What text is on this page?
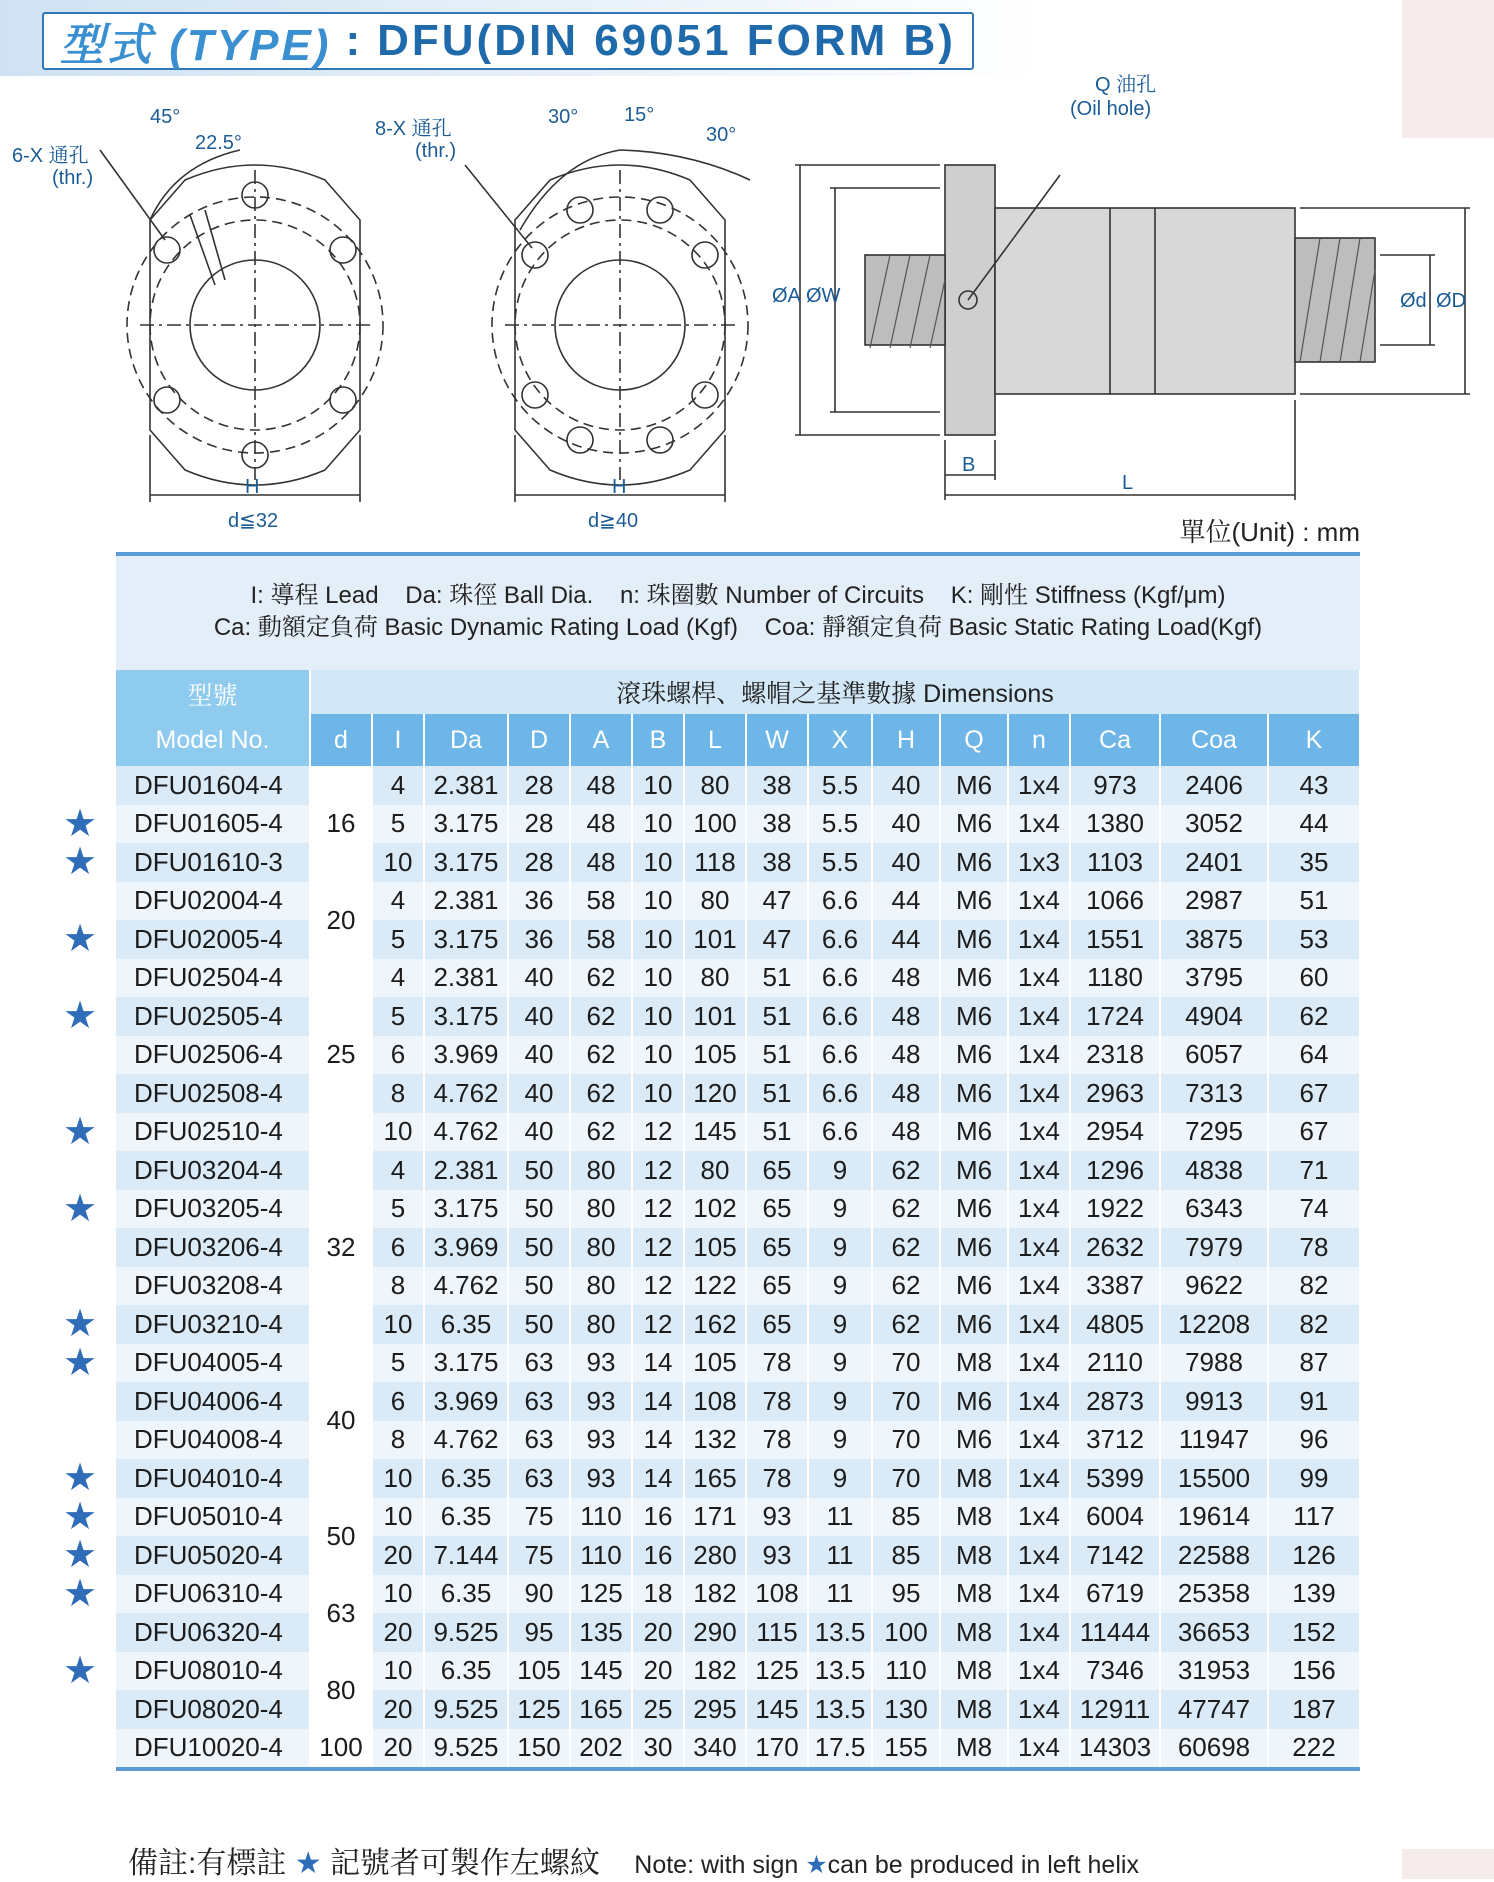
型式 (TYPE) : DFU(DIN 69051 FORM B)
6-X 通孔
(thr.)
45°
22.5°
8-X 通孔
(thr.)
30° 15°
30°
H	H
d≦32	d≧40
Q 油孔
(Oil hole)
ØA ØW	Ød ØD
B
L
單位(Unit) : mm
I: 導程 Lead    Da: 珠徑 Ball Dia.    n: 珠圈數 Number of Circuits    K: 剛性 Stiffness (Kgf/μm)
Ca: 動額定負荷 Basic Dynamic Rating Load (Kgf)    Coa: 靜額定負荷 Basic Static Rating Load(Kgf)
型號
Model No.	滾珠螺桿、螺帽之基準數據 Dimensions														
	d	I	Da	D	A	B	L	W	X	H	Q	n	Ca	Coa	K
DFU01604-4	16	4	2.381	28	48	10	80	38	5.5	40	M6	1x4	973	2406	43
DFU01605-4		5	3.175	28	48	10	100	38	5.5	40	M6	1x4	1380	3052	44
DFU01610-3		10	3.175	28	48	10	118	38	5.5	40	M6	1x3	1103	2401	35
DFU02004-4	20	4	2.381	36	58	10	80	47	6.6	44	M6	1x4	1066	2987	51
DFU02005-4		5	3.175	36	58	10	101	47	6.6	44	M6	1x4	1551	3875	53
DFU02504-4	25	4	2.381	40	62	10	80	51	6.6	48	M6	1x4	1180	3795	60
DFU02505-4		5	3.175	40	62	10	101	51	6.6	48	M6	1x4	1724	4904	62
DFU02506-4		6	3.969	40	62	10	105	51	6.6	48	M6	1x4	2318	6057	64
DFU02508-4		8	4.762	40	62	10	120	51	6.6	48	M6	1x4	2963	7313	67
DFU02510-4		10	4.762	40	62	12	145	51	6.6	48	M6	1x4	2954	7295	67
DFU03204-4	32	4	2.381	50	80	12	80	65	9	62	M6	1x4	1296	4838	71
DFU03205-4		5	3.175	50	80	12	102	65	9	62	M6	1x4	1922	6343	74
DFU03206-4		6	3.969	50	80	12	105	65	9	62	M6	1x4	2632	7979	78
DFU03208-4		8	4.762	50	80	12	122	65	9	62	M6	1x4	3387	9622	82
DFU03210-4		10	6.35	50	80	12	162	65	9	62	M6	1x4	4805	12208	82
DFU04005-4	40	5	3.175	63	93	14	105	78	9	70	M8	1x4	2110	7988	87
DFU04006-4		6	3.969	63	93	14	108	78	9	70	M6	1x4	2873	9913	91
DFU04008-4		8	4.762	63	93	14	132	78	9	70	M6	1x4	3712	11947	96
DFU04010-4		10	6.35	63	93	14	165	78	9	70	M8	1x4	5399	15500	99
DFU05010-4	50	10	6.35	75	110	16	171	93	11	85	M8	1x4	6004	19614	117
DFU05020-4		20	7.144	75	110	16	280	93	11	85	M8	1x4	7142	22588	126
DFU06310-4	63	10	6.35	90	125	18	182	108	11	95	M8	1x4	6719	25358	139
DFU06320-4		20	9.525	95	135	20	290	115	13.5	100	M8	1x4	11444	36653	152
DFU08010-4	80	10	6.35	105	145	20	182	125	13.5	110	M8	1x4	7346	31953	156
DFU08020-4		20	9.525	125	165	25	295	145	13.5	130	M8	1x4	12911	47747	187
DFU10020-4	100	20	9.525	150	202	30	340	170	17.5	155	M8	1x4	14303	60698	222
★
★
★
★
★
★
★
★
★
★
★
★
★
備註:有標註 ★ 記號者可製作左螺紋 Note: with sign ★can be produced in left helix
